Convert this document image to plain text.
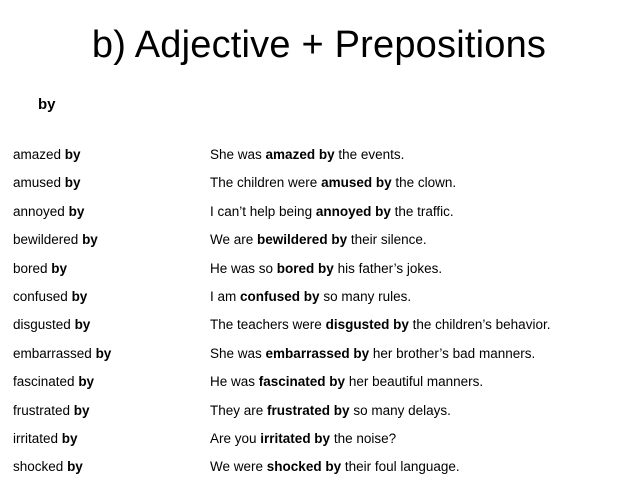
b) Adjective + Prepositions
by
amazed by	She was amazed by the events.
amused by	The children were amused by the clown.
annoyed by	I can’t help being annoyed by the traffic.
bewildered by	We are bewildered by their silence.
bored by	He was so bored by his father’s jokes.
confused by	I am confused by so many rules.
disgusted by	The teachers were disgusted by the children’s behavior.
embarrassed by	She was embarrassed by her brother’s bad manners.
fascinated by	He was fascinated by her beautiful manners.
frustrated by	They are frustrated by so many delays.
irritated by	Are you irritated by the noise?
shocked by	We were shocked by their foul language.
